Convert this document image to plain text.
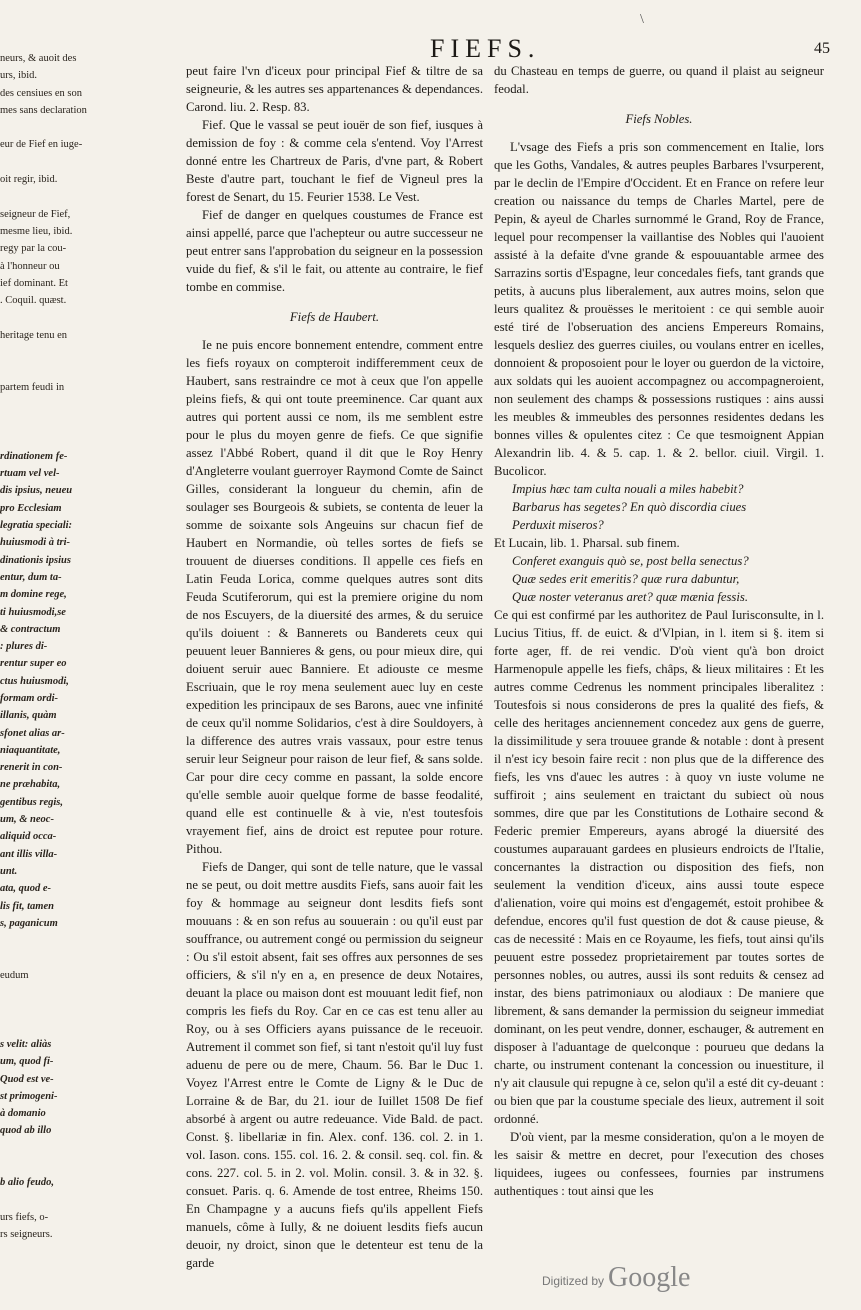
FIEFS.	45
\
neurs, & auoit des
urs, ibid.
des censiues en son
mes sans declaration
eur de Fief en iuge-
oit regir, ibid.
seigneur de Fief,
mesme lieu, ibid.
regy par la cou-
à l'honneur ou
ief dominant. Et
. Coquil. quæst.
heritage tenu en
partem feudi in
rdinationem fe-
rtuam vel vel-
dis ipsius, neueu
pro Ecclesiam
legratia speciali:
huiusmodi à tri-
dinationis ipsius
entur, dum ta-
m domine rege,
ti huiusmodi,se
& contractum
: plures di-
rentur super eo
ctus huiusmodi,
formam ordi-
illanis, quàm
sfonet alias ar-
niaquantitate,
renerit in con-
ne præhabita,
gentibus regis,
um, & neoc-
aliquid occa-
ant illis villa-
unt.
ata, quod e-
lis fit, tamen
s, paganicum
eudum
s velit: aliàs
um, quod fi-
Quod est ve-
st primogeni-
à domanio
quod ab illo
b alio feudo,
urs fiefs, o-
rs seigneurs.

peut faire l'vn d'iceux pour principal Fief & tiltre de sa seigneurie, & les autres ses appartenances & dependances. Carond. liu. 2. Resp. 83.

Fief. Que le vassal se peut iouër de son fief, iusques à demission de foy : & comme cela s'entend. Voy l'Arrest donné entre les Chartreux de Paris, d'vne part, & Robert Beste d'autre part, touchant le fief de Vigneul pres la forest de Senart, du 15. Feurier 1538. Le Vest.

Fief de danger en quelques coustumes de France est ainsi appellé, parce que l'achepteur ou autre successeur ne peut entrer sans l'approbation du seigneur en la possession vuide du fief, & s'il le fait, ou attente au contraire, le fief tombe en commise.

Fiefs de Haubert.

Ie ne puis encore bonnement entendre, comment entre les fiefs royaux on compteroit indifferemment ceux de Haubert, sans restraindre ce mot à ceux que l'on appelle pleins fiefs, & qui ont toute preeminence. Car quant aux autres qui portent aussi ce nom, ils me semblent estre pour le plus du moyen genre de fiefs. Ce que signifie assez l'Abbé Robert, quand il dit que le Roy Henry d'Angleterre voulant guerroyer Raymond Comte de Sainct Gilles, considerant la longueur du chemin, afin de soulager ses Bourgeois & subiets, se contenta de leuer la somme de soixante sols Angeuins sur chacun fief de Haubert en Normandie, où telles sortes de fiefs se trouuent de diuerses conditions. Il appelle ces fiefs en Latin Feuda Lorica, comme quelques autres sont dits Feuda Scutiferorum, qui est la premiere origine du nom de nos Escuyers, de la diuersité des armes, & du seruice qu'ils doiuent : & Bannerets ou Banderets ceux qui peuuent leuer Bannieres & gens, ou pour mieux dire, qui doiuent seruir auec Banniere. Et adiouste ce mesme Escriuain, que le roy mena seulement auec luy en ceste expedition les principaux de ses Barons, auec vne infinité de ceux qu'il nomme Solidarios, c'est à dire Souldoyers, à la difference des autres vrais vassaux, pour estre tenus seruir leur Seigneur pour raison de leur fief, & sans solde. Car pour dire cecy comme en passant, la solde encore qu'elle semble auoir quelque forme de basse feodalité, quand elle est continuelle & à vie, n'est toutesfois vrayement fief, ains de droict est reputee pour roture. Pithou.

Fiefs de Danger, qui sont de telle nature, que le vassal ne se peut, ou doit mettre ausdits Fiefs, sans auoir fait les foy & hommage au seigneur dont lesdits fiefs sont mouuans : & en son refus au souuerain : ou qu'il eust par souffrance, ou autrement congé ou permission du seigneur : Ou s'il estoit absent, fait ses offres aux personnes de ses officiers, & s'il n'y en a, en presence de deux Notaires, deuant la place ou maison dont est mouuant ledit fief, non compris les fiefs du Roy. Car en ce cas est tenu aller au Roy, ou à ses Officiers ayans puissance de le receuoir. Autrement il commet son fief, si tant n'estoit qu'il luy fust aduenu de pere ou de mere, Chaum. 56. Bar le Duc 1. Voyez l'Arrest entre le Comte de Ligny & le Duc de Lorraine & de Bar, du 21. iour de Iuillet 1508 De fief absorbé à argent ou autre redeuance. Vide Bald. de pact. Const. §. libellariæ in fin. Alex. conf. 136. col. 2. in 1. vol. Iason. cons. 155. col. 16. 2. & consil. seq. col. fin. & cons. 227. col. 5. in 2. vol. Molin. consil. 3. & in 32. §. consuet. Paris. q. 6. Amende de tost entree, Rheims 150. En Champagne y a aucuns fiefs qu'ils appellent Fiefs manuels, côme à Iully, & ne doiuent lesdits fiefs aucun deuoir, ny droict, sinon que le detenteur est tenu de la garde

du Chasteau en temps de guerre, ou quand il plaist au seigneur feodal.

Fiefs Nobles.

L'vsage des Fiefs a pris son commencement en Italie, lors que les Goths, Vandales, & autres peuples Barbares l'vsurperent, par le declin de l'Empire d'Occident. Et en France on refere leur creation ou naissance du temps de Charles Martel, pere de Pepin, & ayeul de Charles surnommé le Grand, Roy de France, lequel pour recompenser la vaillantise des Nobles qui l'auoient assisté à la defaite d'vne grande & espouuantable armee des Sarrazins sortis d'Espagne, leur concedales fiefs, tant grands que petits, à aucuns plus liberalement, aux autres moins, selon que leurs qualitez & prouësses le meritoient : ce qui semble auoir esté tiré de l'obseruation des anciens Empereurs Romains, lesquels desliez des guerres ciuiles, ou voulans entrer en icelles, donnoient & proposoient pour le loyer ou guerdon de la victoire, aux soldats qui les auoient accompagnez ou accompagneroient, non seulement des champs & possessions rustiques : ains aussi les meubles & immeubles des personnes residentes dedans les bonnes villes & opulentes citez : Ce que tesmoignent Appian Alexandrin lib. 4. & 5. cap. 1. & 2. bellor. ciuil. Virgil. 1. Bucolicor.

Impius hæc tam culta nouali a miles habebit?
Barbarus has segetes? En quò discordia ciues
Perduxit miseros?

Et Lucain, lib. 1. Pharsal. sub finem.

Conferet exanguis quò se, post bella senectus?
Quæ sedes erit emeritis? quæ rura dabuntur,
Quæ noster veteranus aret? quæ mænia fessis.

Ce qui est confirmé par les authoritez de Paul Iurisconsulte, in l. Lucius Titius, ff. de euict. & d'Vlpian, in l. item si §. item si forte ager, ff. de rei vendic. D'où vient qu'à bon droict Harmenopule appelle les fiefs, châps, & lieux militaires : Et les autres comme Cedrenus les nomment principales liberalitez : Toutesfois si nous considerons de pres la qualité des fiefs, & celle des heritages anciennement concedez aux gens de guerre, la dissimilitude y sera trouuee grande & notable : dont à present il n'est icy besoin faire recit : non plus que de la difference des fiefs, les vns d'auec les autres : à quoy vn iuste volume ne suffiroit ; ains seulement en traictant du subiect où nous sommes, dire que par les Constitutions de Lothaire second & Federic premier Empereurs, ayans abrogé la diuersité des coustumes auparauant gardees en plusieurs endroicts de l'Italie, concernantes la distraction ou disposition des fiefs, non seulement la vendition d'iceux, ains aussi toute espece d'alienation, voire qui moins est d'engagemét, estoit prohibee & defendue, encores qu'il fust question de dot & cause pieuse, & cas de necessité : Mais en ce Royaume, les fiefs, tout ainsi qu'ils peuuent estre possedez proprietairement par toutes sortes de personnes nobles, ou autres, aussi ils sont reduits & censez ad instar, des biens patrimoniaux ou alodiaux : De maniere que librement, & sans demander la permission du seigneur immediat dominant, on les peut vendre, donner, eschauger, & autrement en disposer à l'aduantage de quelconque : pourueu que dedans la charte, ou instrument contenant la concession ou inuestiture, il n'y ait clausule qui repugne à ce, selon qu'il a esté dit cy-deuant : ou bien que par la coustume speciale des lieux, autrement il soit ordonné.

D'où vient, par la mesme consideration, qu'on a le moyen de les saisir & mettre en decret, pour l'execution des choses liquidees, iugees ou confessees, fournies par instrumens authentiques : tout ainsi que les

Digitized by Google
